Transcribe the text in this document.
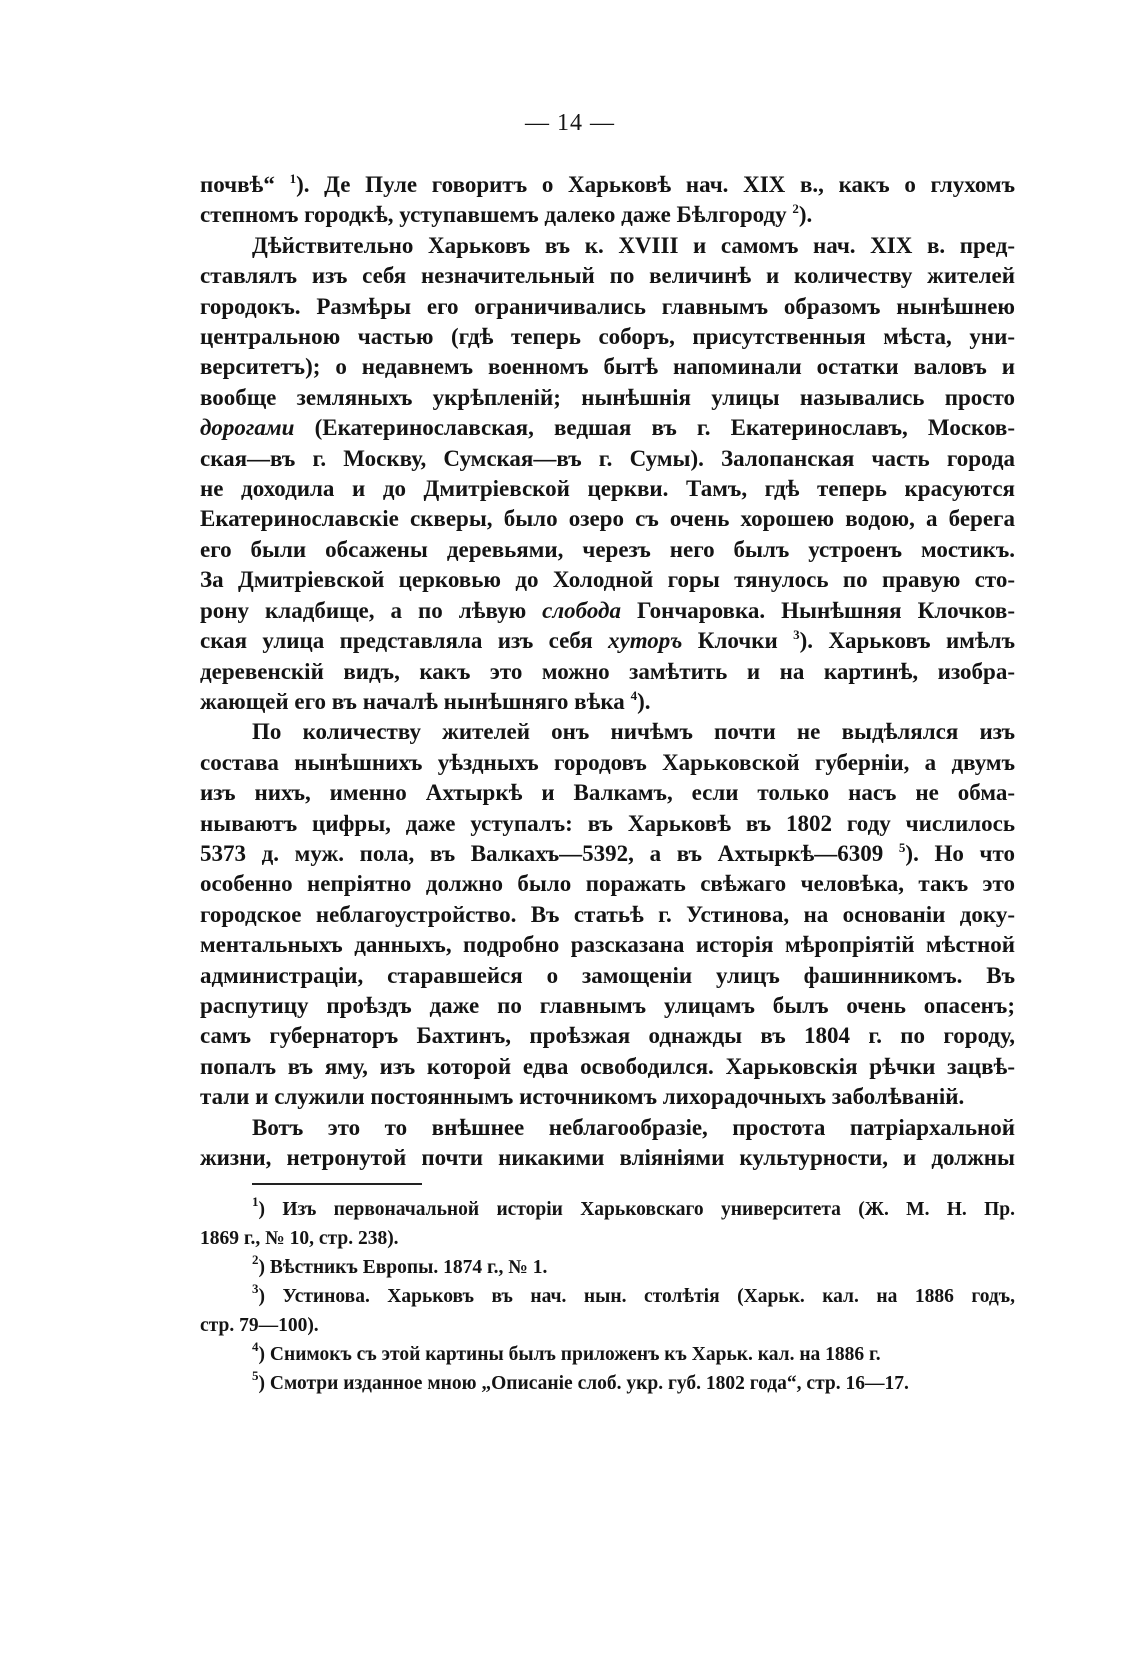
— 14 —
почвѣ“ $^1$). Де Пуле говоритъ о Харьковѣ нач. XIX в., какъ о глухомъ
степномъ городкѣ, уступавшемъ далеко даже Бѣлгороду $^2$).
Дѣйствительно Харьковъ въ к. XVIII и самомъ нач. XIX в. пред-
ставлялъ изъ себя незначительный по величинѣ и количеству жителей
городокъ. Размѣры его ограничивались главнымъ образомъ нынѣшнею
центральною частью (гдѣ теперь соборъ, присутственныя мѣста, уни-
верситетъ); о недавнемъ военномъ бытѣ напоминали остатки валовъ и
вообще земляныхъ укрѣпленій; нынѣшнія улицы назывались просто
дорогами (Екатеринославская, ведшая въ г. Екатеринославъ, Москов-
ская—въ г. Москву, Сумская—въ г. Сумы). Залопанская часть города
не доходила и до Дмитріевской церкви. Тамъ, гдѣ теперь красуются
Екатеринославскіе скверы, было озеро съ очень хорошею водою, а берега
его были обсажены деревьями, черезъ него былъ устроенъ мостикъ.
За Дмитріевской церковью до Холодной горы тянулось по правую сто-
рону кладбище, а по лѣвую слобода Гончаровка. Нынѣшняя Клочков-
ская улица представляла изъ себя хуторъ Клочки $^3$). Харьковъ имѣлъ
деревенскій видъ, какъ это можно замѣтить и на картинѣ, изобра-
жающей его въ началѣ нынѣшняго вѣка $^4$).
По количеству жителей онъ ничѣмъ почти не выдѣлялся изъ
состава нынѣшнихъ уѣздныхъ городовъ Харьковской губерніи, а двумъ
изъ нихъ, именно Ахтыркѣ и Валкамъ, если только насъ не обма-
нываютъ цифры, даже уступалъ: въ Харьковѣ въ 1802 году числилось
5373 д. муж. пола, въ Валкахъ—5392, а въ Ахтыркѣ—6309 $^5$). Но что
особенно непріятно должно было поражать свѣжаго человѣка, такъ это
городское неблагоустройство. Въ статьѣ г. Устинова, на основаніи доку-
ментальныхъ данныхъ, подробно разсказана исторія мѣропріятій мѣстной
администраціи, старавшейся о замощеніи улицъ фашинникомъ. Въ
распутицу проѣздъ даже по главнымъ улицамъ былъ очень опасенъ;
самъ губернаторъ Бахтинъ, проѣзжая однажды въ 1804 г. по городу,
попалъ въ яму, изъ которой едва освободился. Харьковскія рѣчки зацвѣ-
тали и служили постояннымъ источникомъ лихорадочныхъ заболѣваній.
Вотъ это то внѣшнее неблагообразіе, простота патріархальной
жизни, нетронутой почти никакими вліяніями культурности, и должны
$^1$) Изъ первоначальной исторіи Харьковскаго университета (Ж. М. Н. Пр.
1869 г., № 10, стр. 238).
$^2$) Вѣстникъ Европы. 1874 г., № 1.
$^3$) Устинова. Харьковъ въ нач. нын. столѣтія (Харьк. кал. на 1886 годъ,
стр. 79—100).
$^4$) Снимокъ съ этой картины былъ приложенъ къ Харьк. кал. на 1886 г.
$^5$) Смотри изданное мною „Описаніе слоб. укр. губ. 1802 года“, стр. 16—17.
